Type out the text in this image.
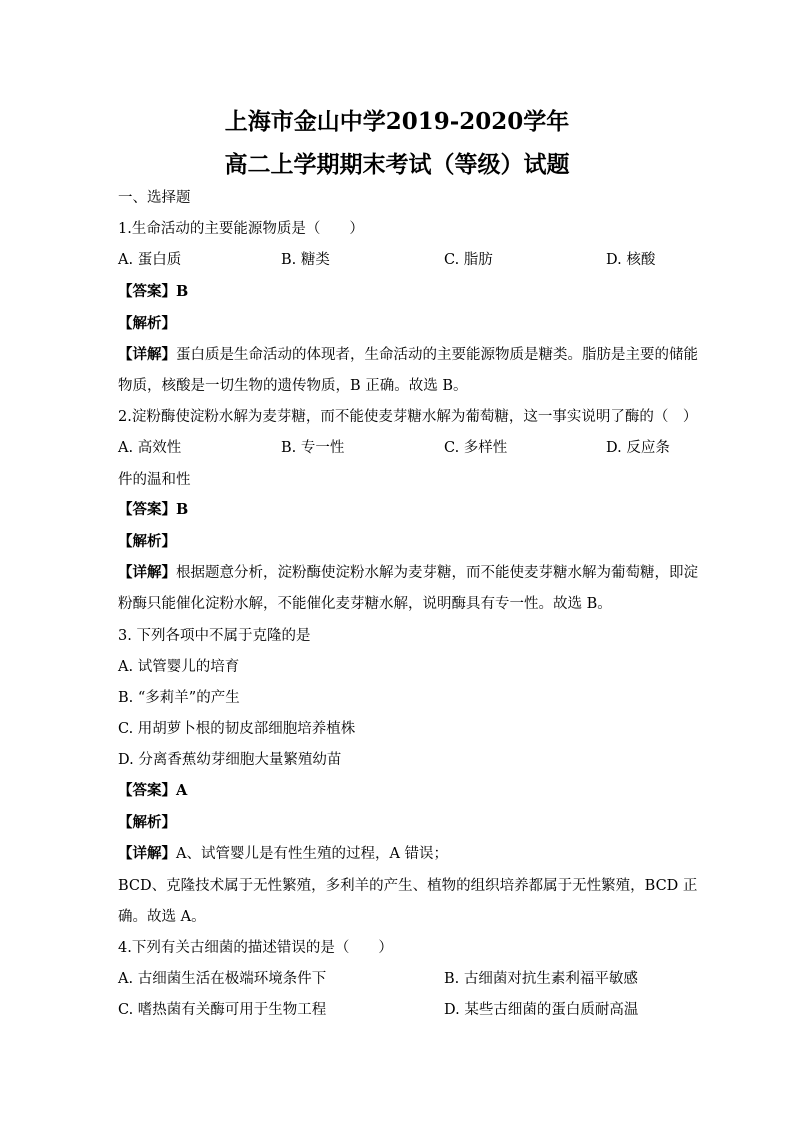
上海市金山中学2019-2020学年
高二上学期期末考试（等级）试题
一、选择题
1.生命活动的主要能源物质是（　　）
A. 蛋白质	B. 糖类	C. 脂肪	D. 核酸
【答案】B
【解析】
【详解】蛋白质是生命活动的体现者，生命活动的主要能源物质是糖类。脂肪是主要的储能
物质，核酸是一切生物的遗传物质，B 正确。故选 B。
2.淀粉酶使淀粉水解为麦芽糖，而不能使麦芽糖水解为葡萄糖，这一事实说明了酶的（　）
A. 高效性	B. 专一性	C. 多样性	D. 反应条
件的温和性
【答案】B
【解析】
【详解】根据题意分析，淀粉酶使淀粉水解为麦芽糖，而不能使麦芽糖水解为葡萄糖，即淀
粉酶只能催化淀粉水解，不能催化麦芽糖水解，说明酶具有专一性。故选 B。
3. 下列各项中不属于克隆的是
A. 试管婴儿的培育
B. “多莉羊”的产生
C. 用胡萝卜根的韧皮部细胞培养植株
D. 分离香蕉幼芽细胞大量繁殖幼苗
【答案】A
【解析】
【详解】A、试管婴儿是有性生殖的过程，A 错误；
BCD、克隆技术属于无性繁殖，多利羊的产生、植物的组织培养都属于无性繁殖，BCD 正
确。故选 A。
4.下列有关古细菌的描述错误的是（　　）
A. 古细菌生活在极端环境条件下	B. 古细菌对抗生素利福平敏感
C. 嗜热菌有关酶可用于生物工程	D. 某些古细菌的蛋白质耐高温
